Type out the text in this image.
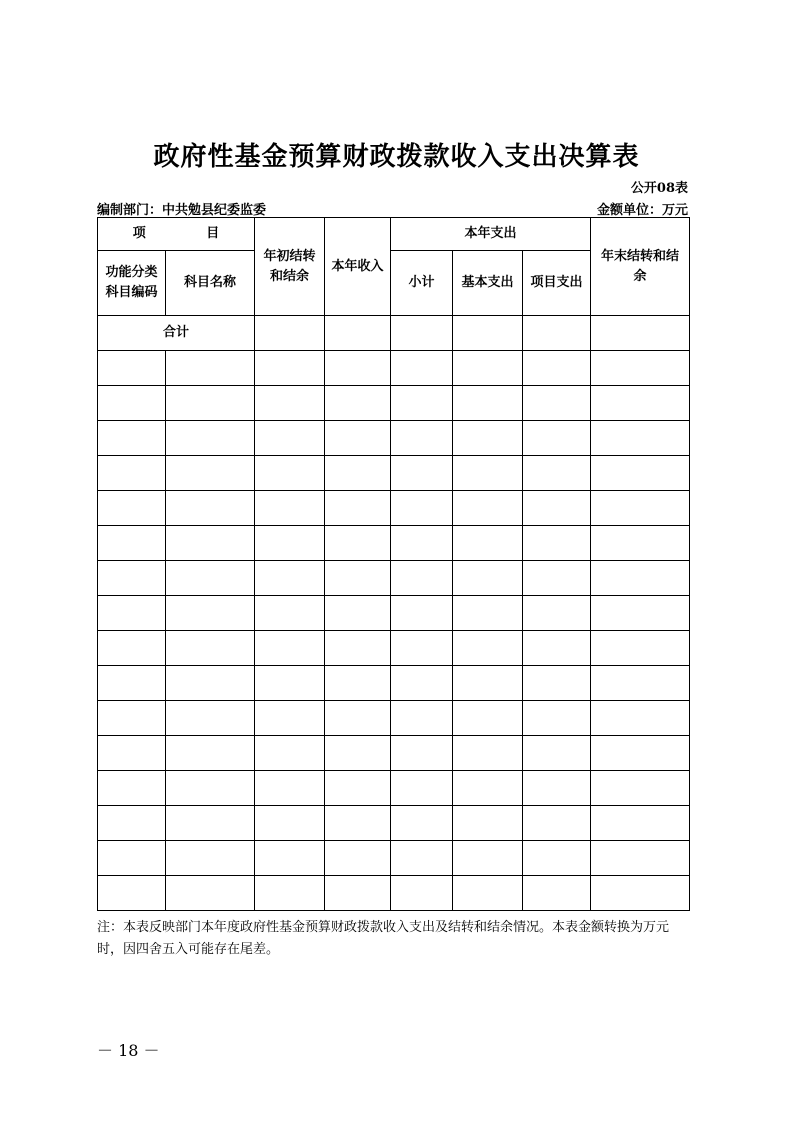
政府性基金预算财政拨款收入支出决算表
公开08表
编制部门：中共勉县纪委监委	金额单位：万元
项 目		年初结转和结余	本年收入	本年支出			年末结转和结余

功能分类科目编码	科目名称			小计	基本支出	项目支出	
合计							

注：本表反映部门本年度政府性基金预算财政拨款收入支出及结转和结余情况。本表金额转换为万元时，因四舍五入可能存在尾差。
－ 18 －
